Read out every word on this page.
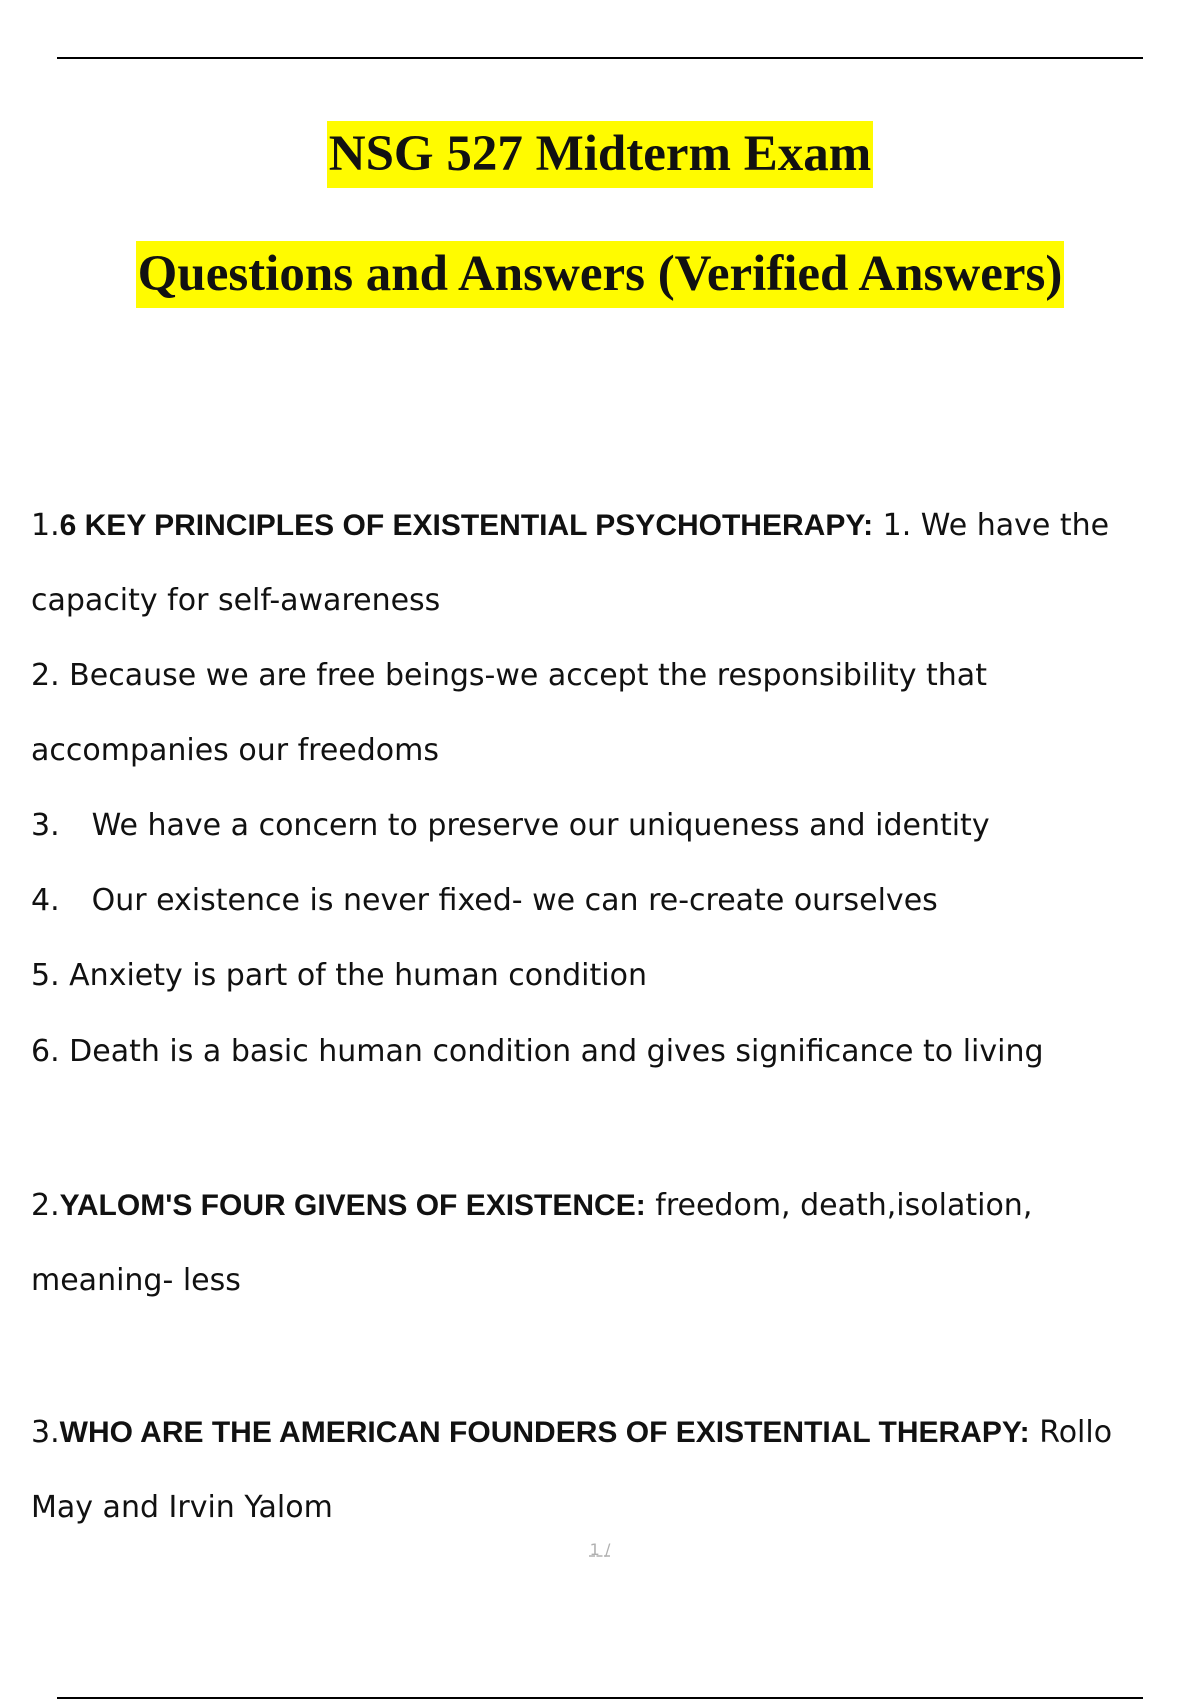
NSG 527 Midterm Exam
Questions and Answers (Verified Answers)
1.6 KEY PRINCIPLES OF EXISTENTIAL PSYCHOTHERAPY: 1. We have the
capacity for self-awareness
2. Because we are free beings-we accept the responsibility that
accompanies our freedoms
3. We have a concern to preserve our uniqueness and identity
4. Our existence is never fixed- we can re-create ourselves
5. Anxiety is part of the human condition
6. Death is a basic human condition and gives significance to living
2.YALOM'S FOUR GIVENS OF EXISTENCE: freedom, death,isolation,
meaning- less
3.WHO ARE THE AMERICAN FOUNDERS OF EXISTENTIAL THERAPY: Rollo
May and Irvin Yalom
1 /
